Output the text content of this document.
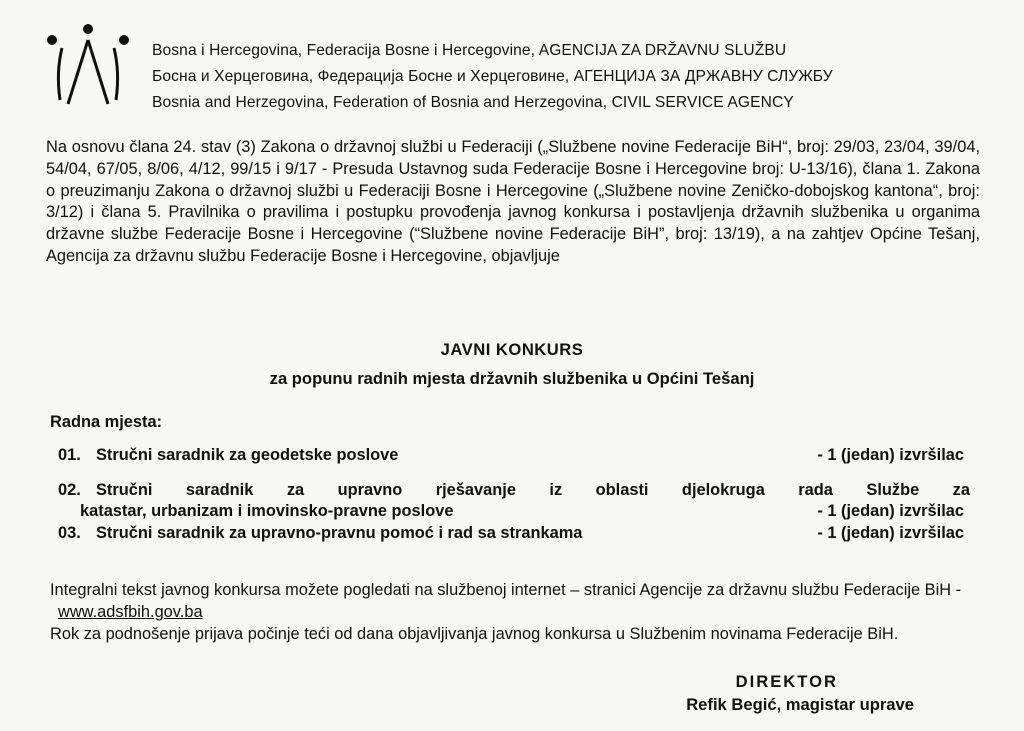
Bosna i Hercegovina, Federacija Bosne i Hercegovine, AGENCIJA ZA DRŽAVNU SLUŽBU
Босна и Херцеговина, Федерација Босне и Херцеговине, АГЕНЦИЈА ЗА ДРЖАВНУ СЛУЖБУ
Bosnia and Herzegovina, Federation of Bosnia and Herzegovina, CIVIL SERVICE AGENCY
Na osnovu člana 24. stav (3) Zakona o državnoj službi u Federaciji („Službene novine Federacije BiH“, broj: 29/03, 23/04, 39/04, 54/04, 67/05, 8/06, 4/12, 99/15 i 9/17 - Presuda Ustavnog suda Federacije Bosne i Hercegovine broj: U-13/16), člana 1. Zakona o preuzimanju Zakona o državnoj službi u Federaciji Bosne i Hercegovine („Službene novine Zeničko-dobojskog kantona“, broj: 3/12) i člana 5. Pravilnika o pravilima i postupku provođenja javnog konkursa i postavljenja državnih službenika u organima državne službe Federacije Bosne i Hercegovine (“Službene novine Federacije BiH”, broj: 13/19), a na zahtjev Općine Tešanj, Agencija za državnu službu Federacije Bosne i Hercegovine, objavljuje
JAVNI KONKURS
za popunu radnih mjesta državnih službenika u Općini Tešanj
Radna mjesta:
01. Stručni saradnik za geodetske poslove	- 1 (jedan) izvršilac
02. Stručni saradnik za upravno rješavanje iz oblasti djelokruga rada Službe za
katastar, urbanizam i imovinsko-pravne poslove	- 1 (jedan) izvršilac
03. Stručni saradnik za upravno-pravnu pomoć i rad sa strankama	- 1 (jedan) izvršilac
Integralni tekst javnog konkursa možete pogledati na službenoj internet – stranici Agencije za državnu službu Federacije BiH -www.adsfbih.gov.ba
Rok za podnošenje prijava počinje teći od dana objavljivanja javnog konkursa u Službenim novinama Federacije BiH.
DIREKTOR
Refik Begić, magistar uprave
